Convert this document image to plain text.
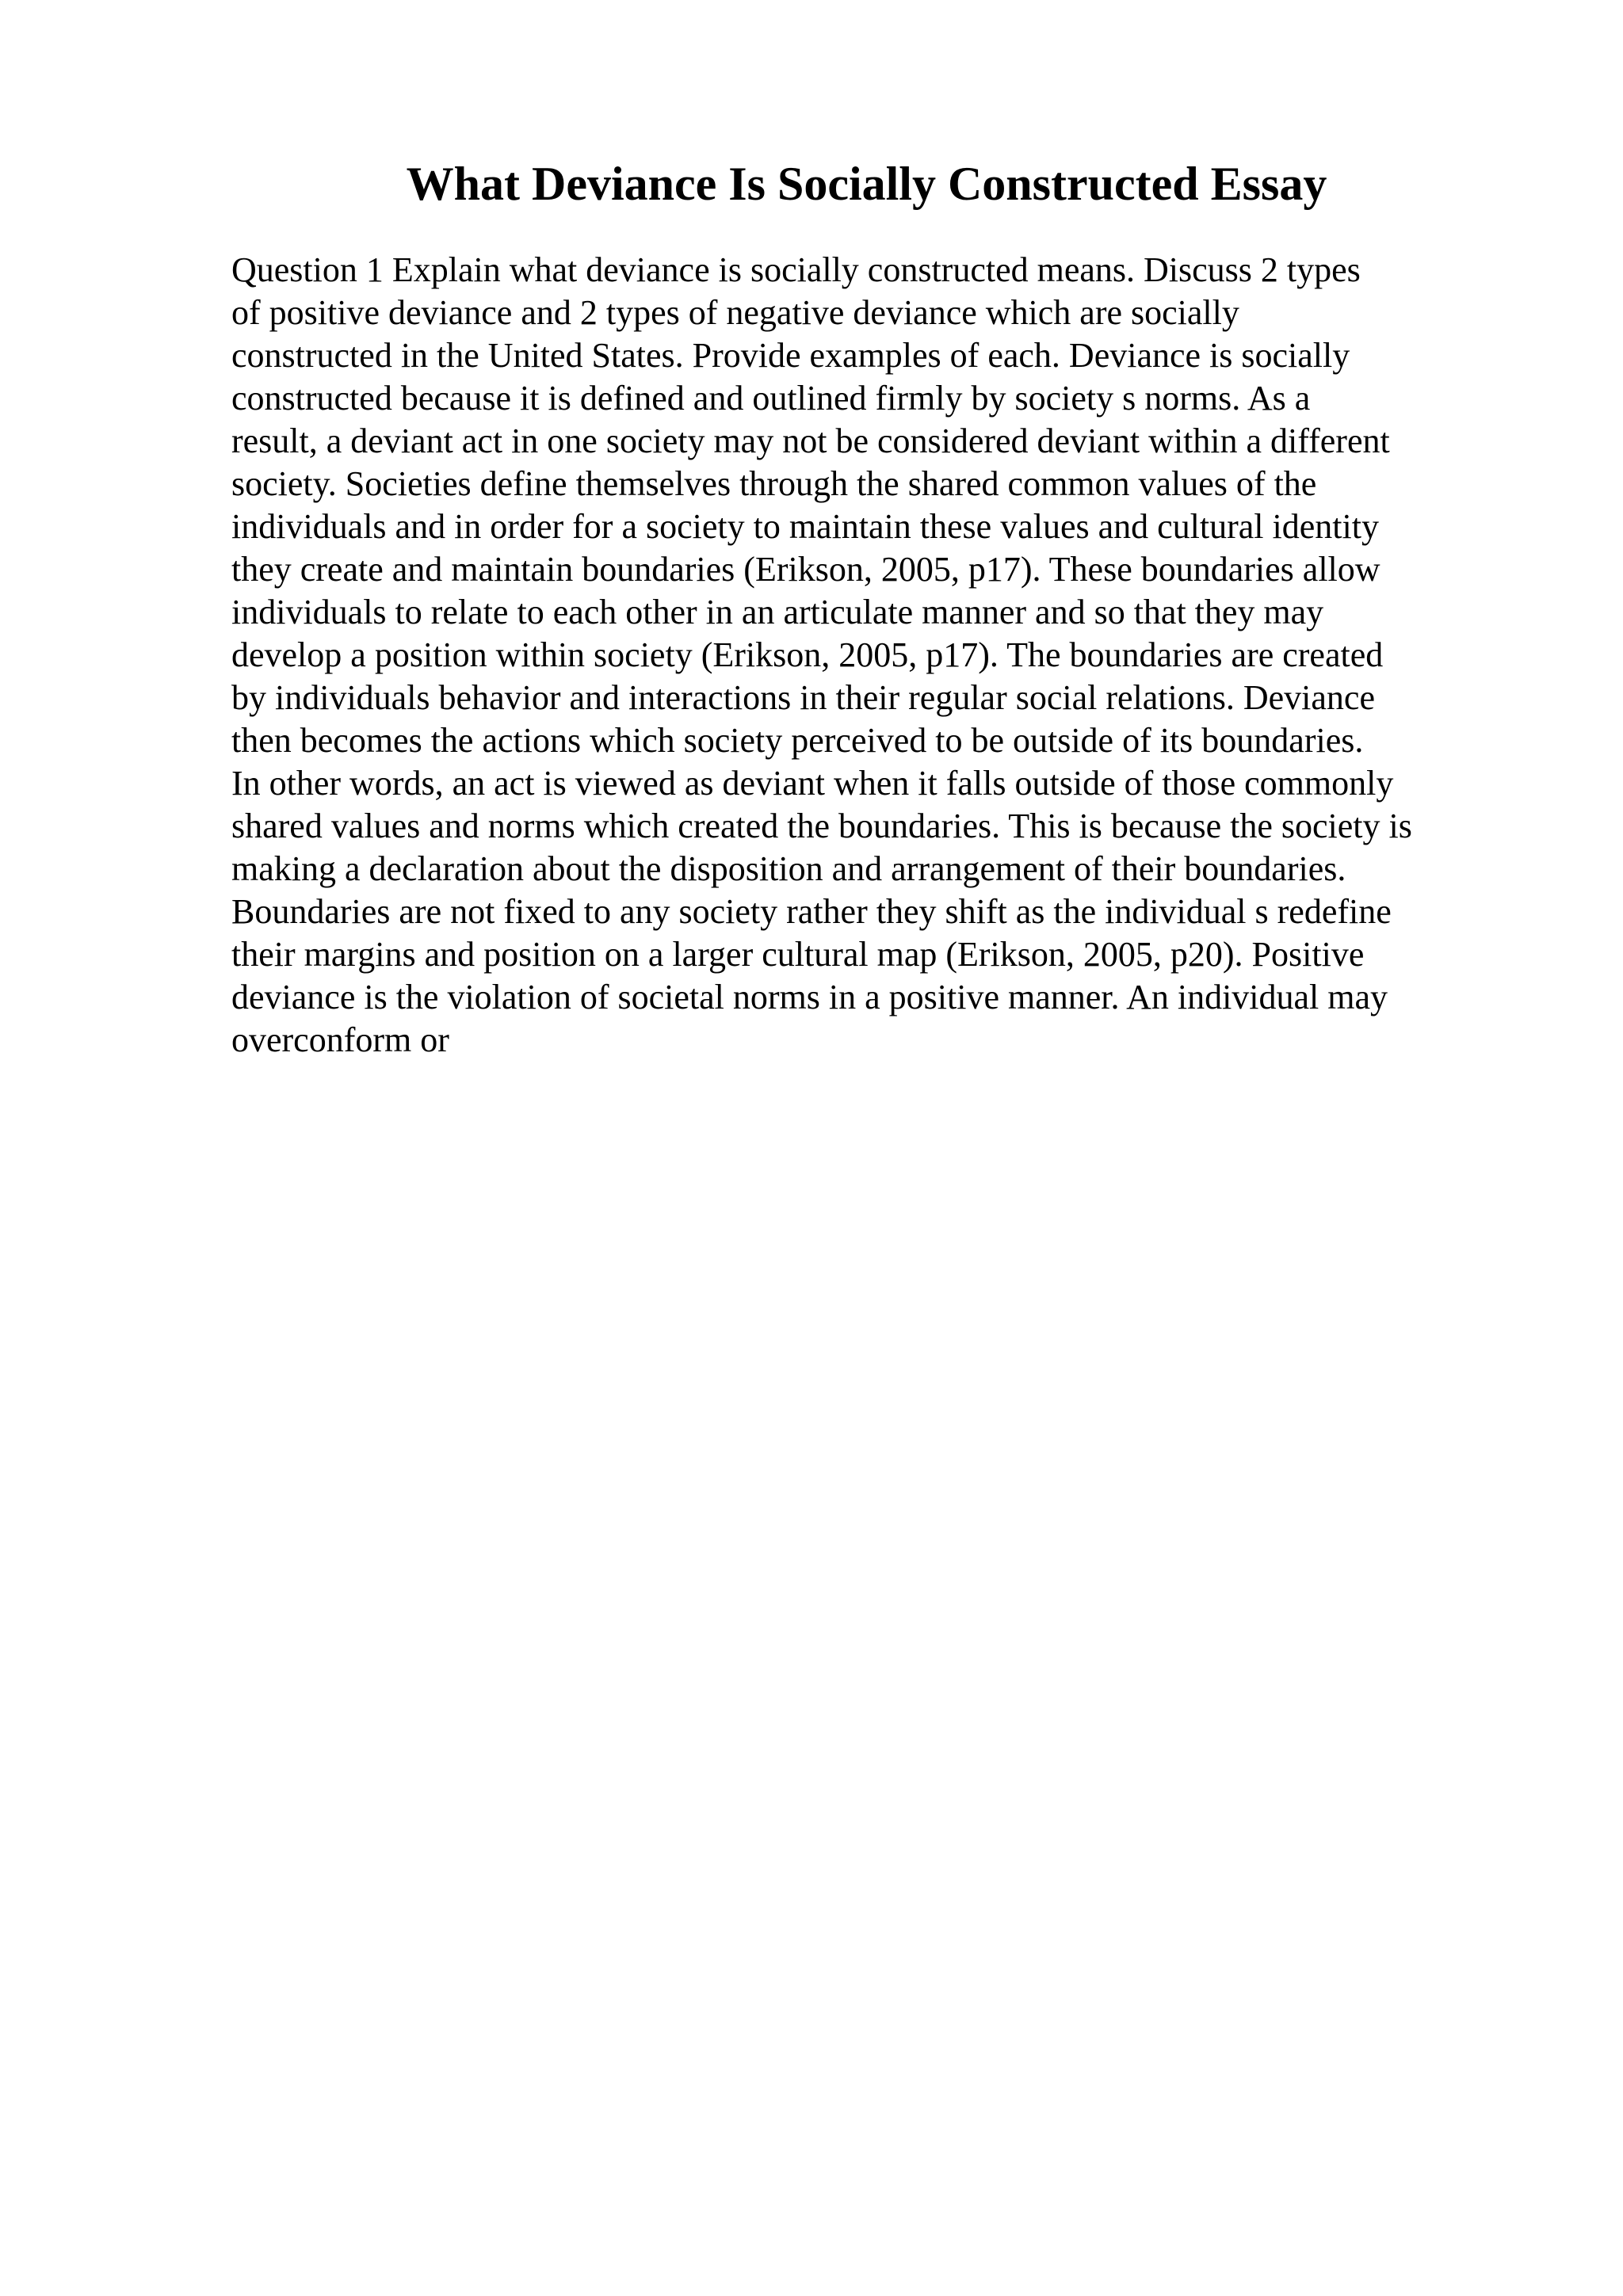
What Deviance Is Socially Constructed Essay
Question 1 Explain what deviance is socially constructed means. Discuss 2 types
of positive deviance and 2 types of negative deviance which are socially
constructed in the United States. Provide examples of each. Deviance is socially
constructed because it is defined and outlined firmly by society s norms. As a
result, a deviant act in one society may not be considered deviant within a different
society. Societies define themselves through the shared common values of the
individuals and in order for a society to maintain these values and cultural identity
they create and maintain boundaries (Erikson, 2005, p17). These boundaries allow
individuals to relate to each other in an articulate manner and so that they may
develop a position within society (Erikson, 2005, p17). The boundaries are created
by individuals behavior and interactions in their regular social relations. Deviance
then becomes the actions which society perceived to be outside of its boundaries.
In other words, an act is viewed as deviant when it falls outside of those commonly
shared values and norms which created the boundaries. This is because the society is
making a declaration about the disposition and arrangement of their boundaries.
Boundaries are not fixed to any society rather they shift as the individual s redefine
their margins and position on a larger cultural map (Erikson, 2005, p20). Positive
deviance is the violation of societal norms in a positive manner. An individual may
overconform or
